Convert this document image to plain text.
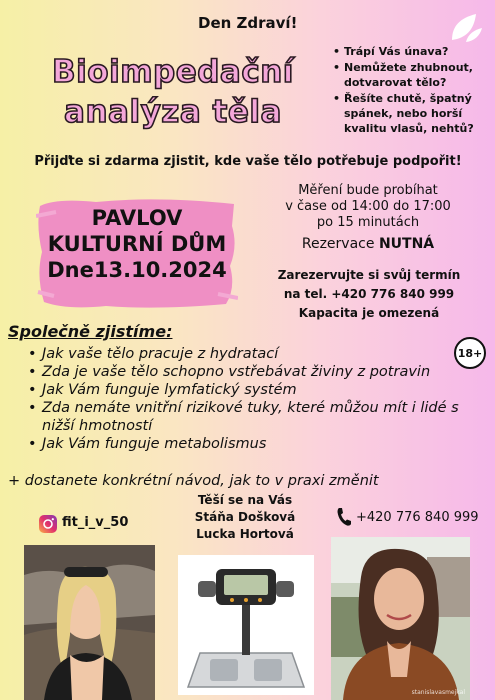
Den Zdraví!
Bioimpedační
analýza těla
• Trápí Vás únava?
• Nemůžete zhubnout, dotvarovat tělo?
• Řešíte chutě, špatný spánek, nebo horší kvalitu vlasů, nehtů?
Přijďte si zdarma zjistit, kde vaše tělo potřebuje podpořit!
PAVLOV
KULTURNÍ DŮM
Dne13.10.2024
Měření bude probíhat
v čase od 14:00 do 17:00
po 15 minutách
Rezervace NUTNÁ
Zarezervujte si svůj termín
na tel. +420 776 840 999
Kapacita je omezená
18+
Společně zjistíme:
• Jak vaše tělo pracuje z hydratací
• Zda je vaše tělo schopno vstřebávat živiny z potravin
• Jak Vám funguje lymfatický systém
• Zda nemáte vnitřní rizikové tuky, které můžou mít i lidé s nižší hmotností
• Jak Vám funguje metabolismus
+ dostanete konkrétní návod, jak to v praxi změnit
fit_i_v_50
Těší se na Vás
Stáňa Došková
Lucka Hortová
+420 776 840 999
stanislavasmejkal
